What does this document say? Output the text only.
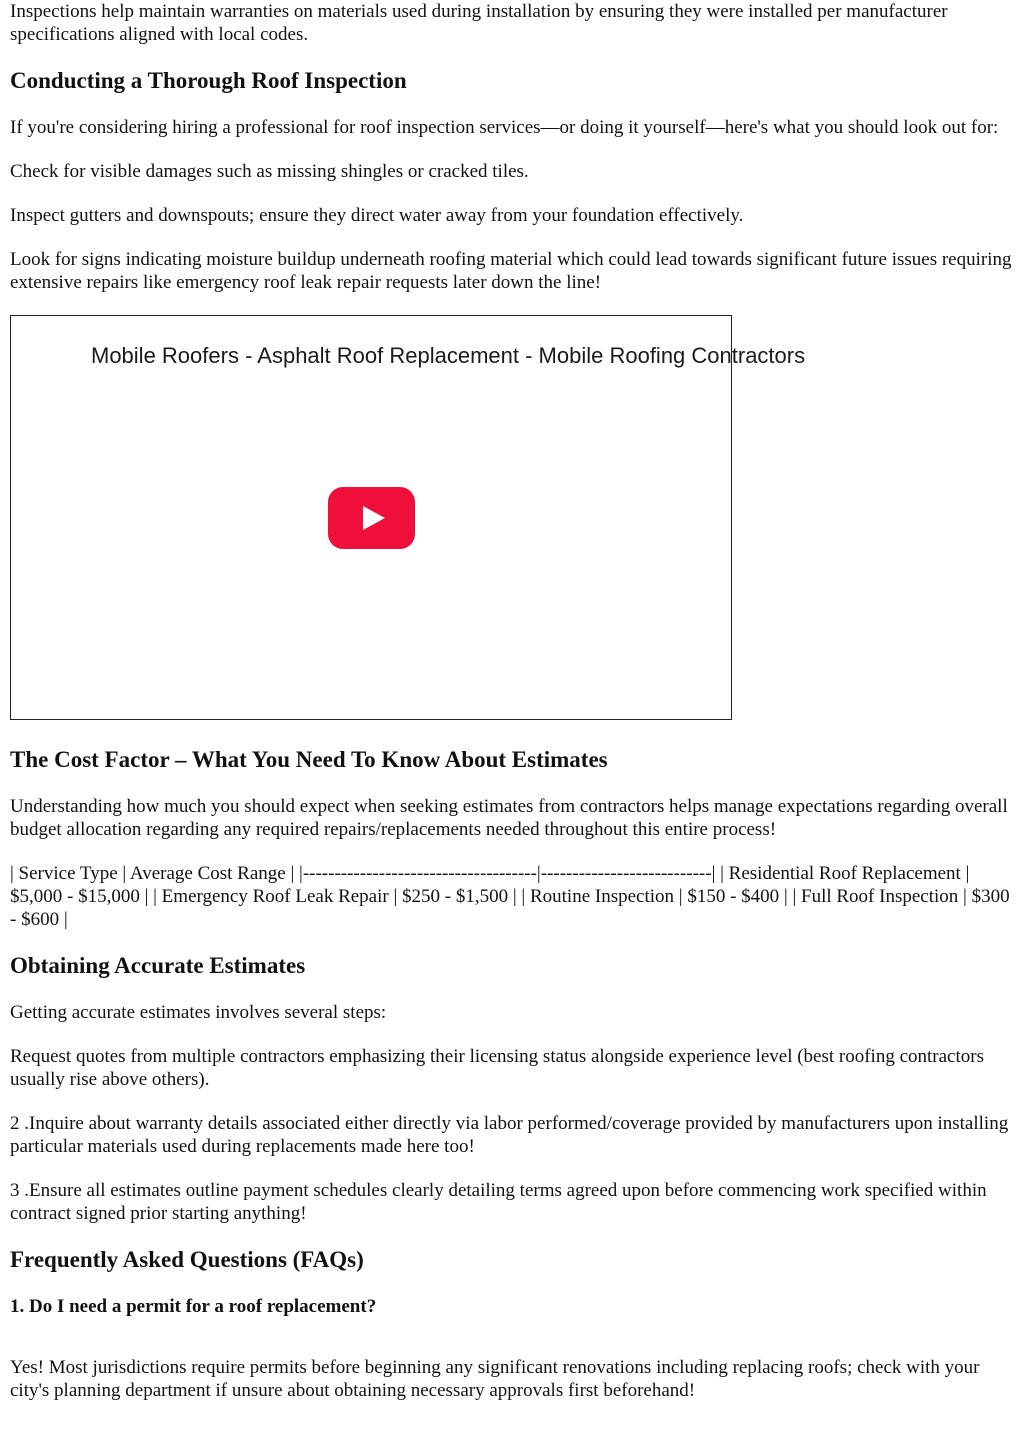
Inspections help maintain warranties on materials used during installation by ensuring they were installed per manufacturer specifications aligned with local codes.

Conducting a Thorough Roof Inspection

If you're considering hiring a professional for roof inspection services—or doing it yourself—here's what you should look out for:

Check for visible damages such as missing shingles or cracked tiles.

Inspect gutters and downspouts; ensure they direct water away from your foundation effectively.

Look for signs indicating moisture buildup underneath roofing material which could lead towards significant future issues requiring extensive repairs like emergency roof leak repair requests later down the line!

Mobile Roofers - Asphalt Roof Replacement - Mobile Roofing Contractors
The Cost Factor – What You Need To Know About Estimates

Understanding how much you should expect when seeking estimates from contractors helps manage expectations regarding overall budget allocation regarding any required repairs/replacements needed throughout this entire process!

| Service Type | Average Cost Range | |-------------------------------------|---------------------------| | Residential Roof Replacement | $5,000 - $15,000 | | Emergency Roof Leak Repair | $250 - $1,500 | | Routine Inspection | $150 - $400 | | Full Roof Inspection | $300 - $600 |

Obtaining Accurate Estimates

Getting accurate estimates involves several steps:

Request quotes from multiple contractors emphasizing their licensing status alongside experience level (best roofing contractors usually rise above others).

2 .Inquire about warranty details associated either directly via labor performed/coverage provided by manufacturers upon installing particular materials used during replacements made here too!

3 .Ensure all estimates outline payment schedules clearly detailing terms agreed upon before commencing work specified within contract signed prior starting anything!

Frequently Asked Questions (FAQs)
1. Do I need a permit for a roof replacement?

Yes! Most jurisdictions require permits before beginning any significant renovations including replacing roofs; check with your city's planning department if unsure about obtaining necessary approvals first beforehand!
